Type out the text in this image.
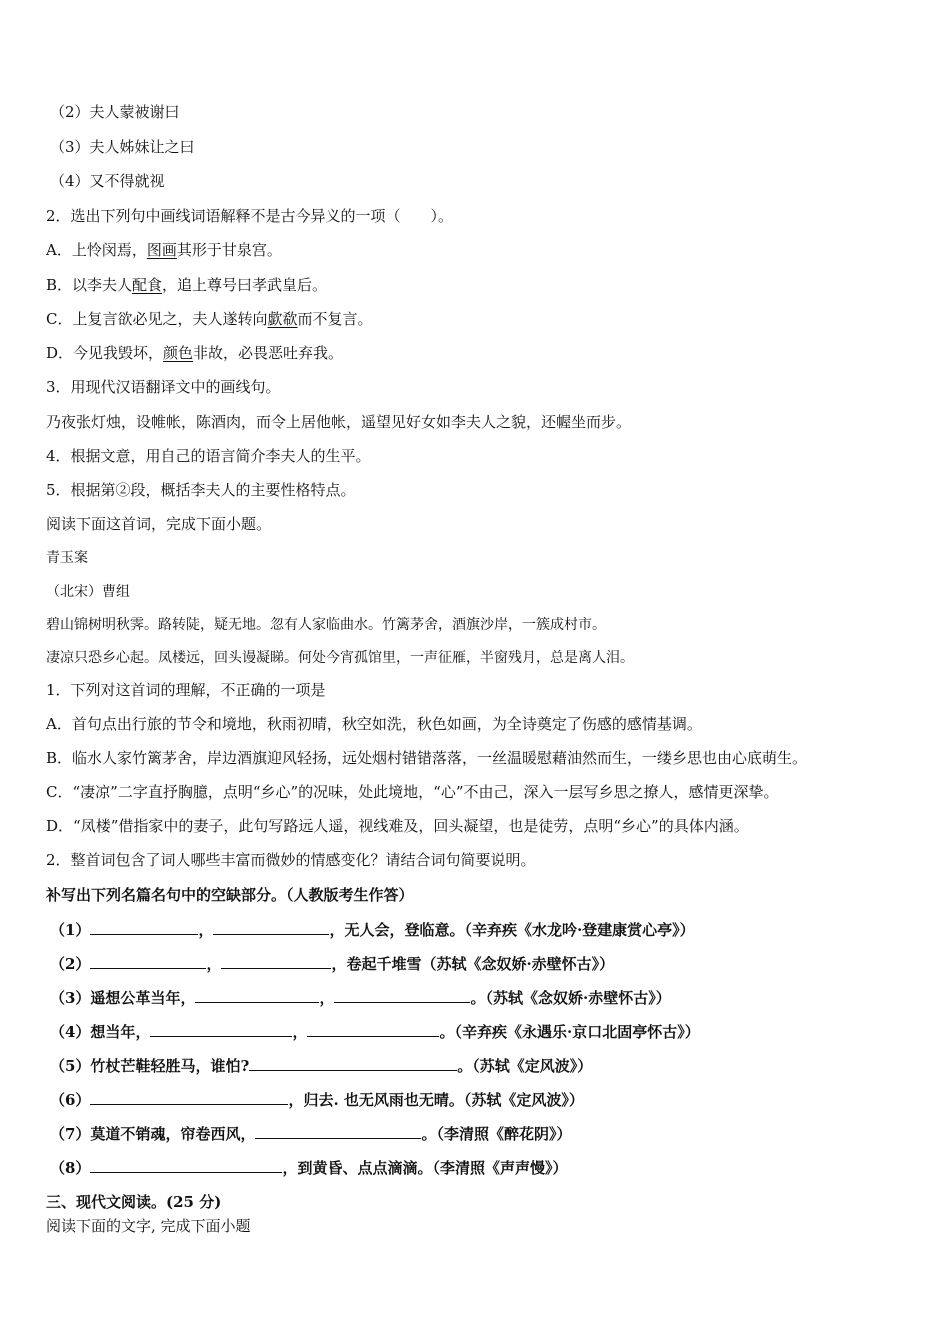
（2）夫人蒙被谢曰
（3）夫人姊妹让之曰
（4）又不得就视
2．选出下列句中画线词语解释不是古今异义的一项（　　）。
A．上怜闵焉，图画其形于甘泉宫。
B．以李夫人配食，追上尊号曰孝武皇后。
C．上复言欲必见之，夫人遂转向歔欷而不复言。
D．今见我毁坏，颜色非故，必畏恶吐弃我。
3．用现代汉语翻译文中的画线句。
乃夜张灯烛，设帷帐，陈酒肉，而令上居他帐，遥望见好女如李夫人之貌，还幄坐而步。
4．根据文意，用自己的语言简介李夫人的生平。
5．根据第②段，概括李夫人的主要性格特点。
阅读下面这首词，完成下面小题。
青玉案
（北宋）曹组
碧山锦树明秋霁。路转陡，疑无地。忽有人家临曲水。竹篱茅舍，酒旗沙岸，一簇成村市。
凄凉只恐乡心起。凤楼远，回头谩凝睇。何处今宵孤馆里，一声征雁，半窗残月，总是离人泪。
1．下列对这首词的理解，不正确的一项是
A．首句点出行旅的节令和境地，秋雨初晴，秋空如洗，秋色如画，为全诗奠定了伤感的感情基调。
B．临水人家竹篱茅舍，岸边酒旗迎风轻扬，远处烟村错错落落，一丝温暖慰藉油然而生，一缕乡思也由心底萌生。
C．“凄凉”二字直抒胸臆，点明“乡心”的况味，处此境地，“心”不由己，深入一层写乡思之撩人，感情更深挚。
D．“凤楼”借指家中的妻子，此句写路远人遥，视线难及，回头凝望，也是徒劳，点明“乡心”的具体内涵。
2．整首词包含了词人哪些丰富而微妙的情感变化？请结合词句简要说明。
补写出下列名篇名句中的空缺部分。（人教版考生作答）
（1）	，	，无人会，登临意。（辛弃疾《水龙吟·登建康赏心亭》）
（2）	，	，卷起千堆雪（苏轼《念奴娇·赤壁怀古》）
（3）遥想公革当年，	，	。（苏轼《念奴娇·赤壁怀古》）
（4）想当年，	，	。（辛弃疾《永遇乐·京口北固亭怀古》）
（5）竹杖芒鞋轻胜马，谁怕?	。（苏轼《定风波》）
（6）	，归去. 也无风雨也无晴。（苏轼《定风波》）
（7）莫道不销魂，帘卷西风，	。（李清照《醉花阴》）
（8）	，到黄昏、点点滴滴。（李清照《声声慢》）
三、现代文阅读。(25 分)
阅读下面的文字, 完成下面小题
